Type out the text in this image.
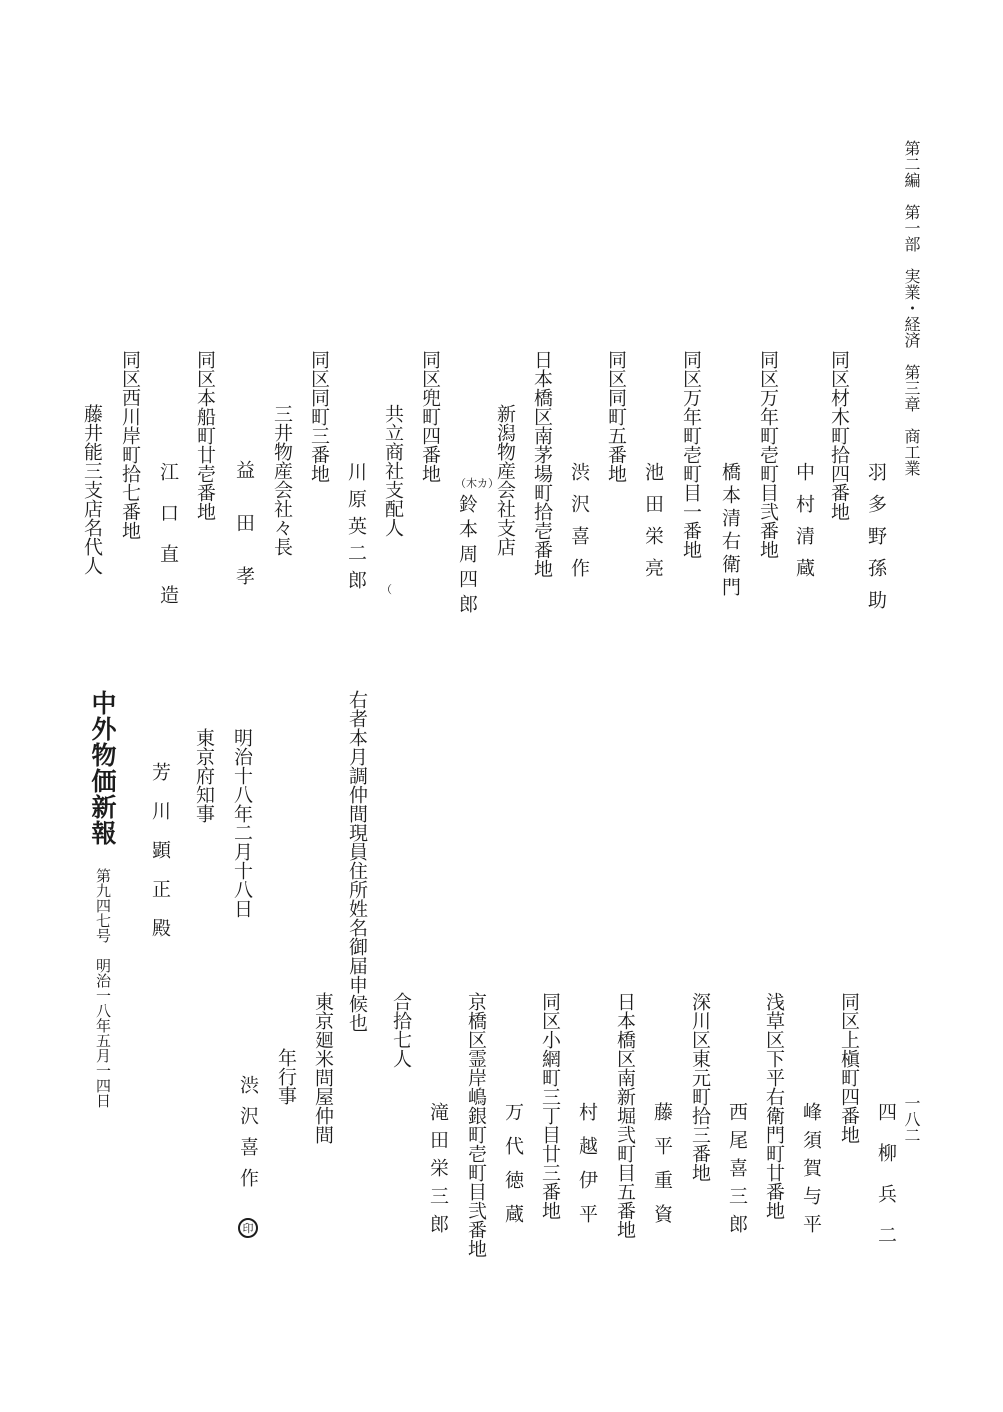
第二編　第一部　実業・経済　第三章　商工業
一八二
羽多野孫助
同区材木町拾四番地
中村清蔵
同区万年町壱町目弐番地
橋本清右衛門
同区万年町壱町目一番地
池田栄亮
同区同町五番地
渋沢喜作
日本橋区南茅場町拾壱番地
新潟物産会社支店
（木カ）
鈴本周四郎
同区兜町四番地
共立商社支配人
（
川原英二郎
同区同町三番地
三井物産会社々長
益田孝
同区本船町廿壱番地
江口直造
同区西川岸町拾七番地
藤井能三支店名代人
四柳兵二
同区上槇町四番地
峰須賀与平
浅草区下平右衛門町廿番地
西尾喜三郎
深川区東元町拾三番地
藤平重資
日本橋区南新堀弐町目五番地
村越伊平
同区小網町三丁目廿三番地
万代徳蔵
京橋区霊岸嶋銀町壱町目弐番地
滝田栄三郎
合拾七人
右者本月調仲間現員住所姓名御届申候也
東京廻米問屋仲間
年行事
渋沢喜作
印
明治十八年二月十八日
東京府知事
芳川顕正殿
中外物価新報
第九四七号　明治一八年五月一四日
